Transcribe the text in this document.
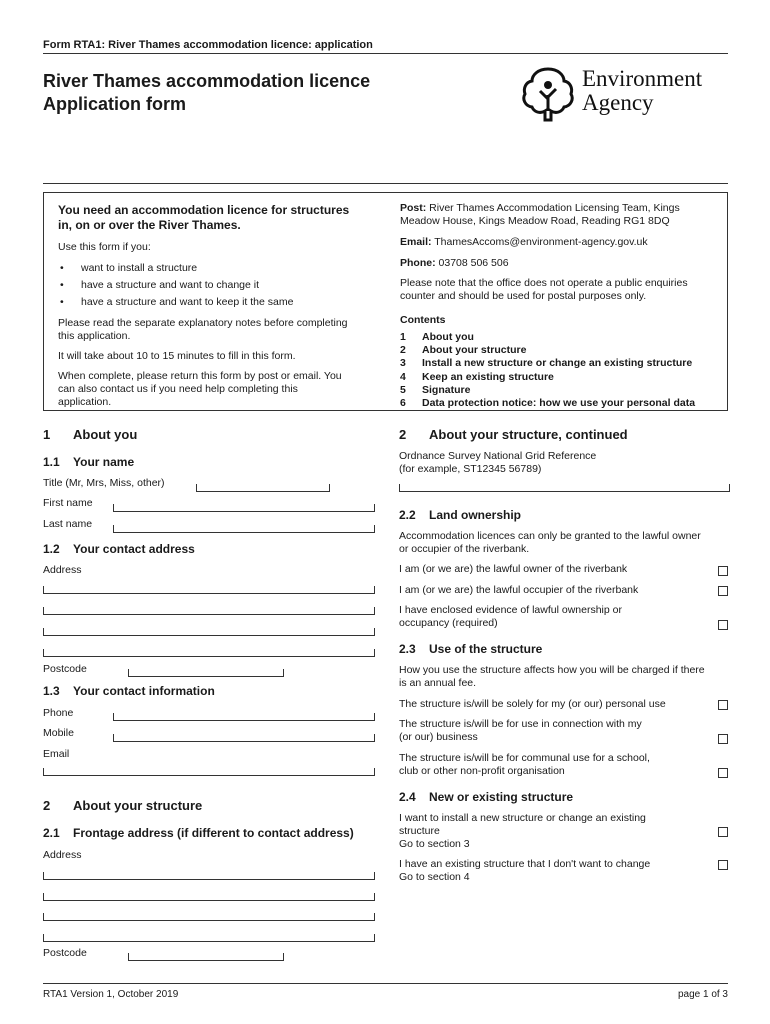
Form RTA1: River Thames accommodation licence: application
River Thames accommodation licence
Application form
Environment
Agency
You need an accommodation licence for structures
in, on or over the River Thames.
Use this form if you:
• want to install a structure
• have a structure and want to change it
• have a structure and want to keep it the same
Please read the separate explanatory notes before completing
this application.
It will take about 10 to 15 minutes to fill in this form.
When complete, please return this form by post or email. You
can also contact us if you need help completing this
application.
Post: River Thames Accommodation Licensing Team, Kings
Meadow House, Kings Meadow Road, Reading RG1 8DQ
Email: ThamesAccoms@environment-agency.gov.uk
Phone: 03708 506 506
Please note that the office does not operate a public enquiries
counter and should be used for postal purposes only.
Contents
1 About you
2 About your structure
3 Install a new structure or change an existing structure
4 Keep an existing structure
5 Signature
6 Data protection notice: how we use your personal data
1 About you
1.1 Your name
Title (Mr, Mrs, Miss, other)
First name
Last name
1.2 Your contact address
Address
Postcode
1.3 Your contact information
Phone
Mobile
Email
2 About your structure
2.1 Frontage address (if different to contact address)
Address
Postcode
2 About your structure, continued
Ordnance Survey National Grid Reference
(for example, ST12345 56789)
2.2 Land ownership
Accommodation licences can only be granted to the lawful owner
or occupier of the riverbank.
I am (or we are) the lawful owner of the riverbank
I am (or we are) the lawful occupier of the riverbank
I have enclosed evidence of lawful ownership or
occupancy (required)
2.3 Use of the structure
How you use the structure affects how you will be charged if there
is an annual fee.
The structure is/will be solely for my (or our) personal use
The structure is/will be for use in connection with my
(or our) business
The structure is/will be for communal use for a school,
club or other non-profit organisation
2.4 New or existing structure
I want to install a new structure or change an existing
structure
Go to section 3
I have an existing structure that I don't want to change
Go to section 4
RTA1 Version 1, October 2019	page 1 of 3
